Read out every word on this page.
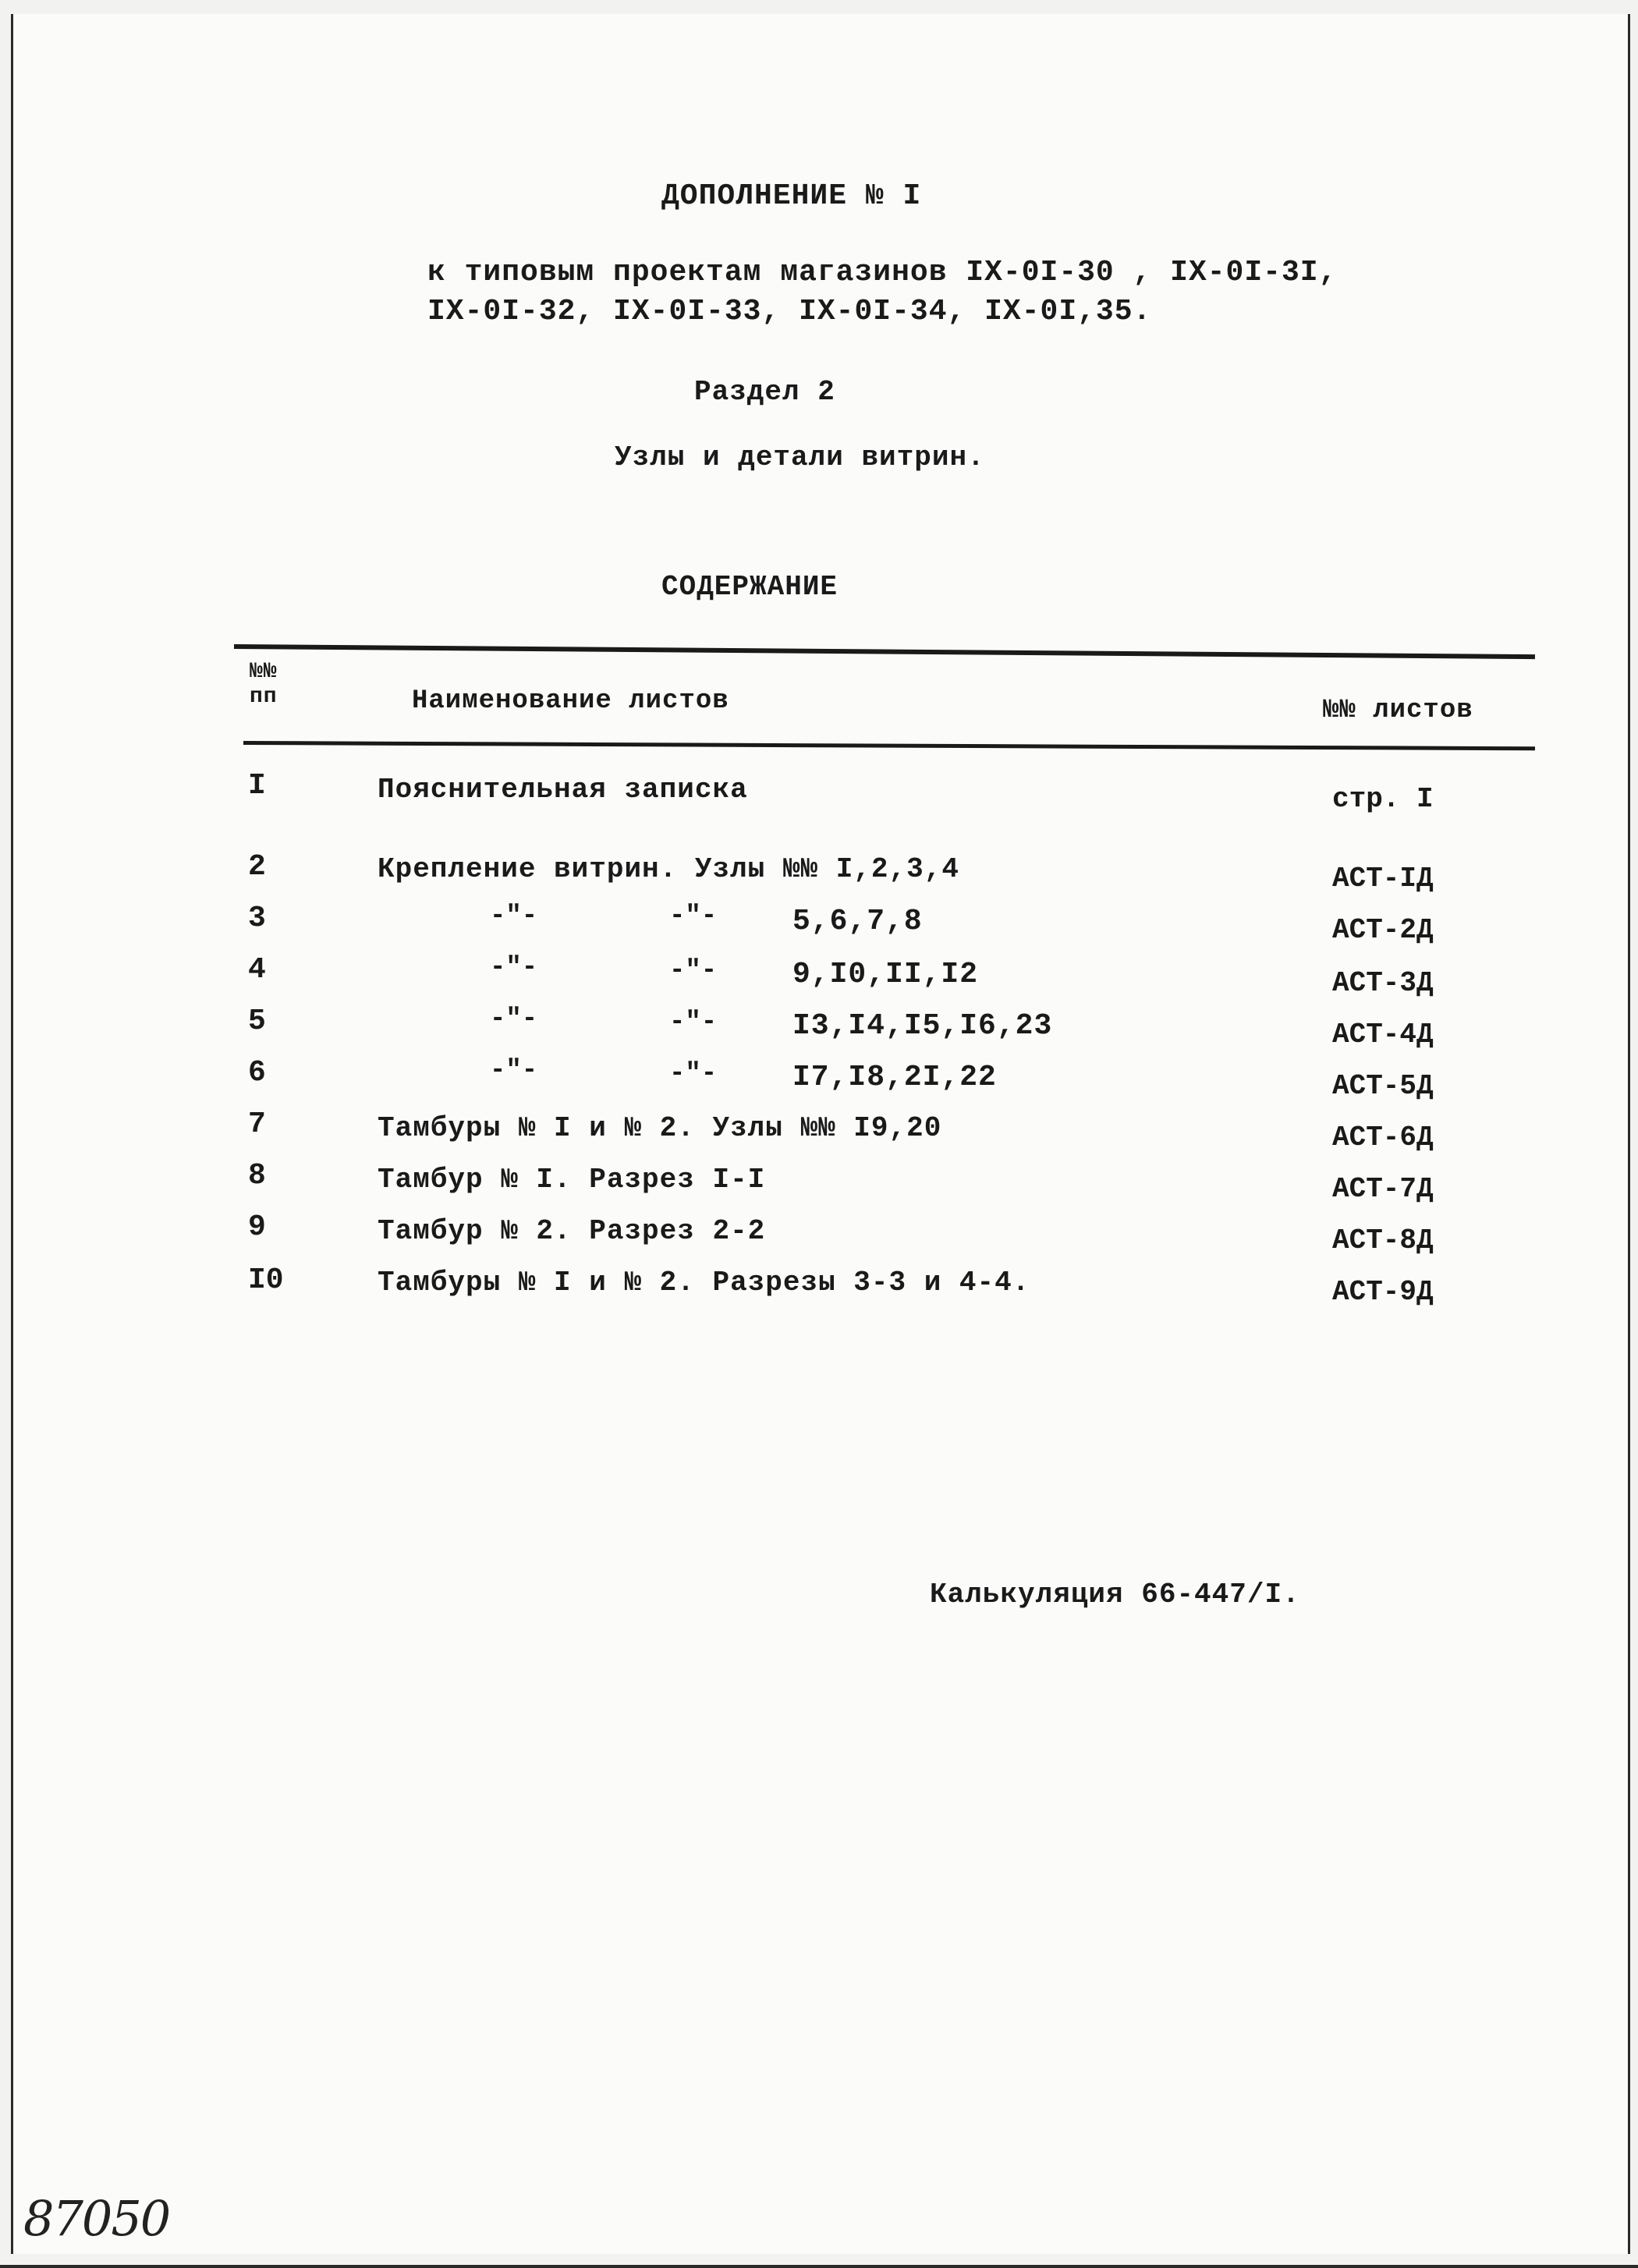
ДОПОЛНЕНИЕ № I
к типовым проектам магазинов IX-0I-30 , IX-0I-3I,
IX-0I-32, IX-0I-33, IX-0I-34, IX-0I,35.
Раздел 2
Узлы и детали витрин.
СОДЕРЖАНИЕ
№№
пп	Наименование листов	№№ листов
I	Пояснительная записка	стр. I
2	Крепление витрин. Узлы №№ I,2,3,4	АСТ-IД
3	-"-	-"-	5,6,7,8	АСТ-2Д
4	-"-	-"-	9,I0,II,I2	АСТ-3Д
5	-"-	-"-	I3,I4,I5,I6,23	АСТ-4Д
6	-"-	-"-	I7,I8,2I,22	АСТ-5Д
7	Тамбуры № I и № 2. Узлы №№ I9,20	АСТ-6Д
8	Тамбур № I. Разрез I-I	АСТ-7Д
9	Тамбур № 2. Разрез 2-2	АСТ-8Д
I0	Тамбуры № I и № 2. Разрезы 3-3 и 4-4.	АСТ-9Д
Калькуляция 66-447/I.
87050
